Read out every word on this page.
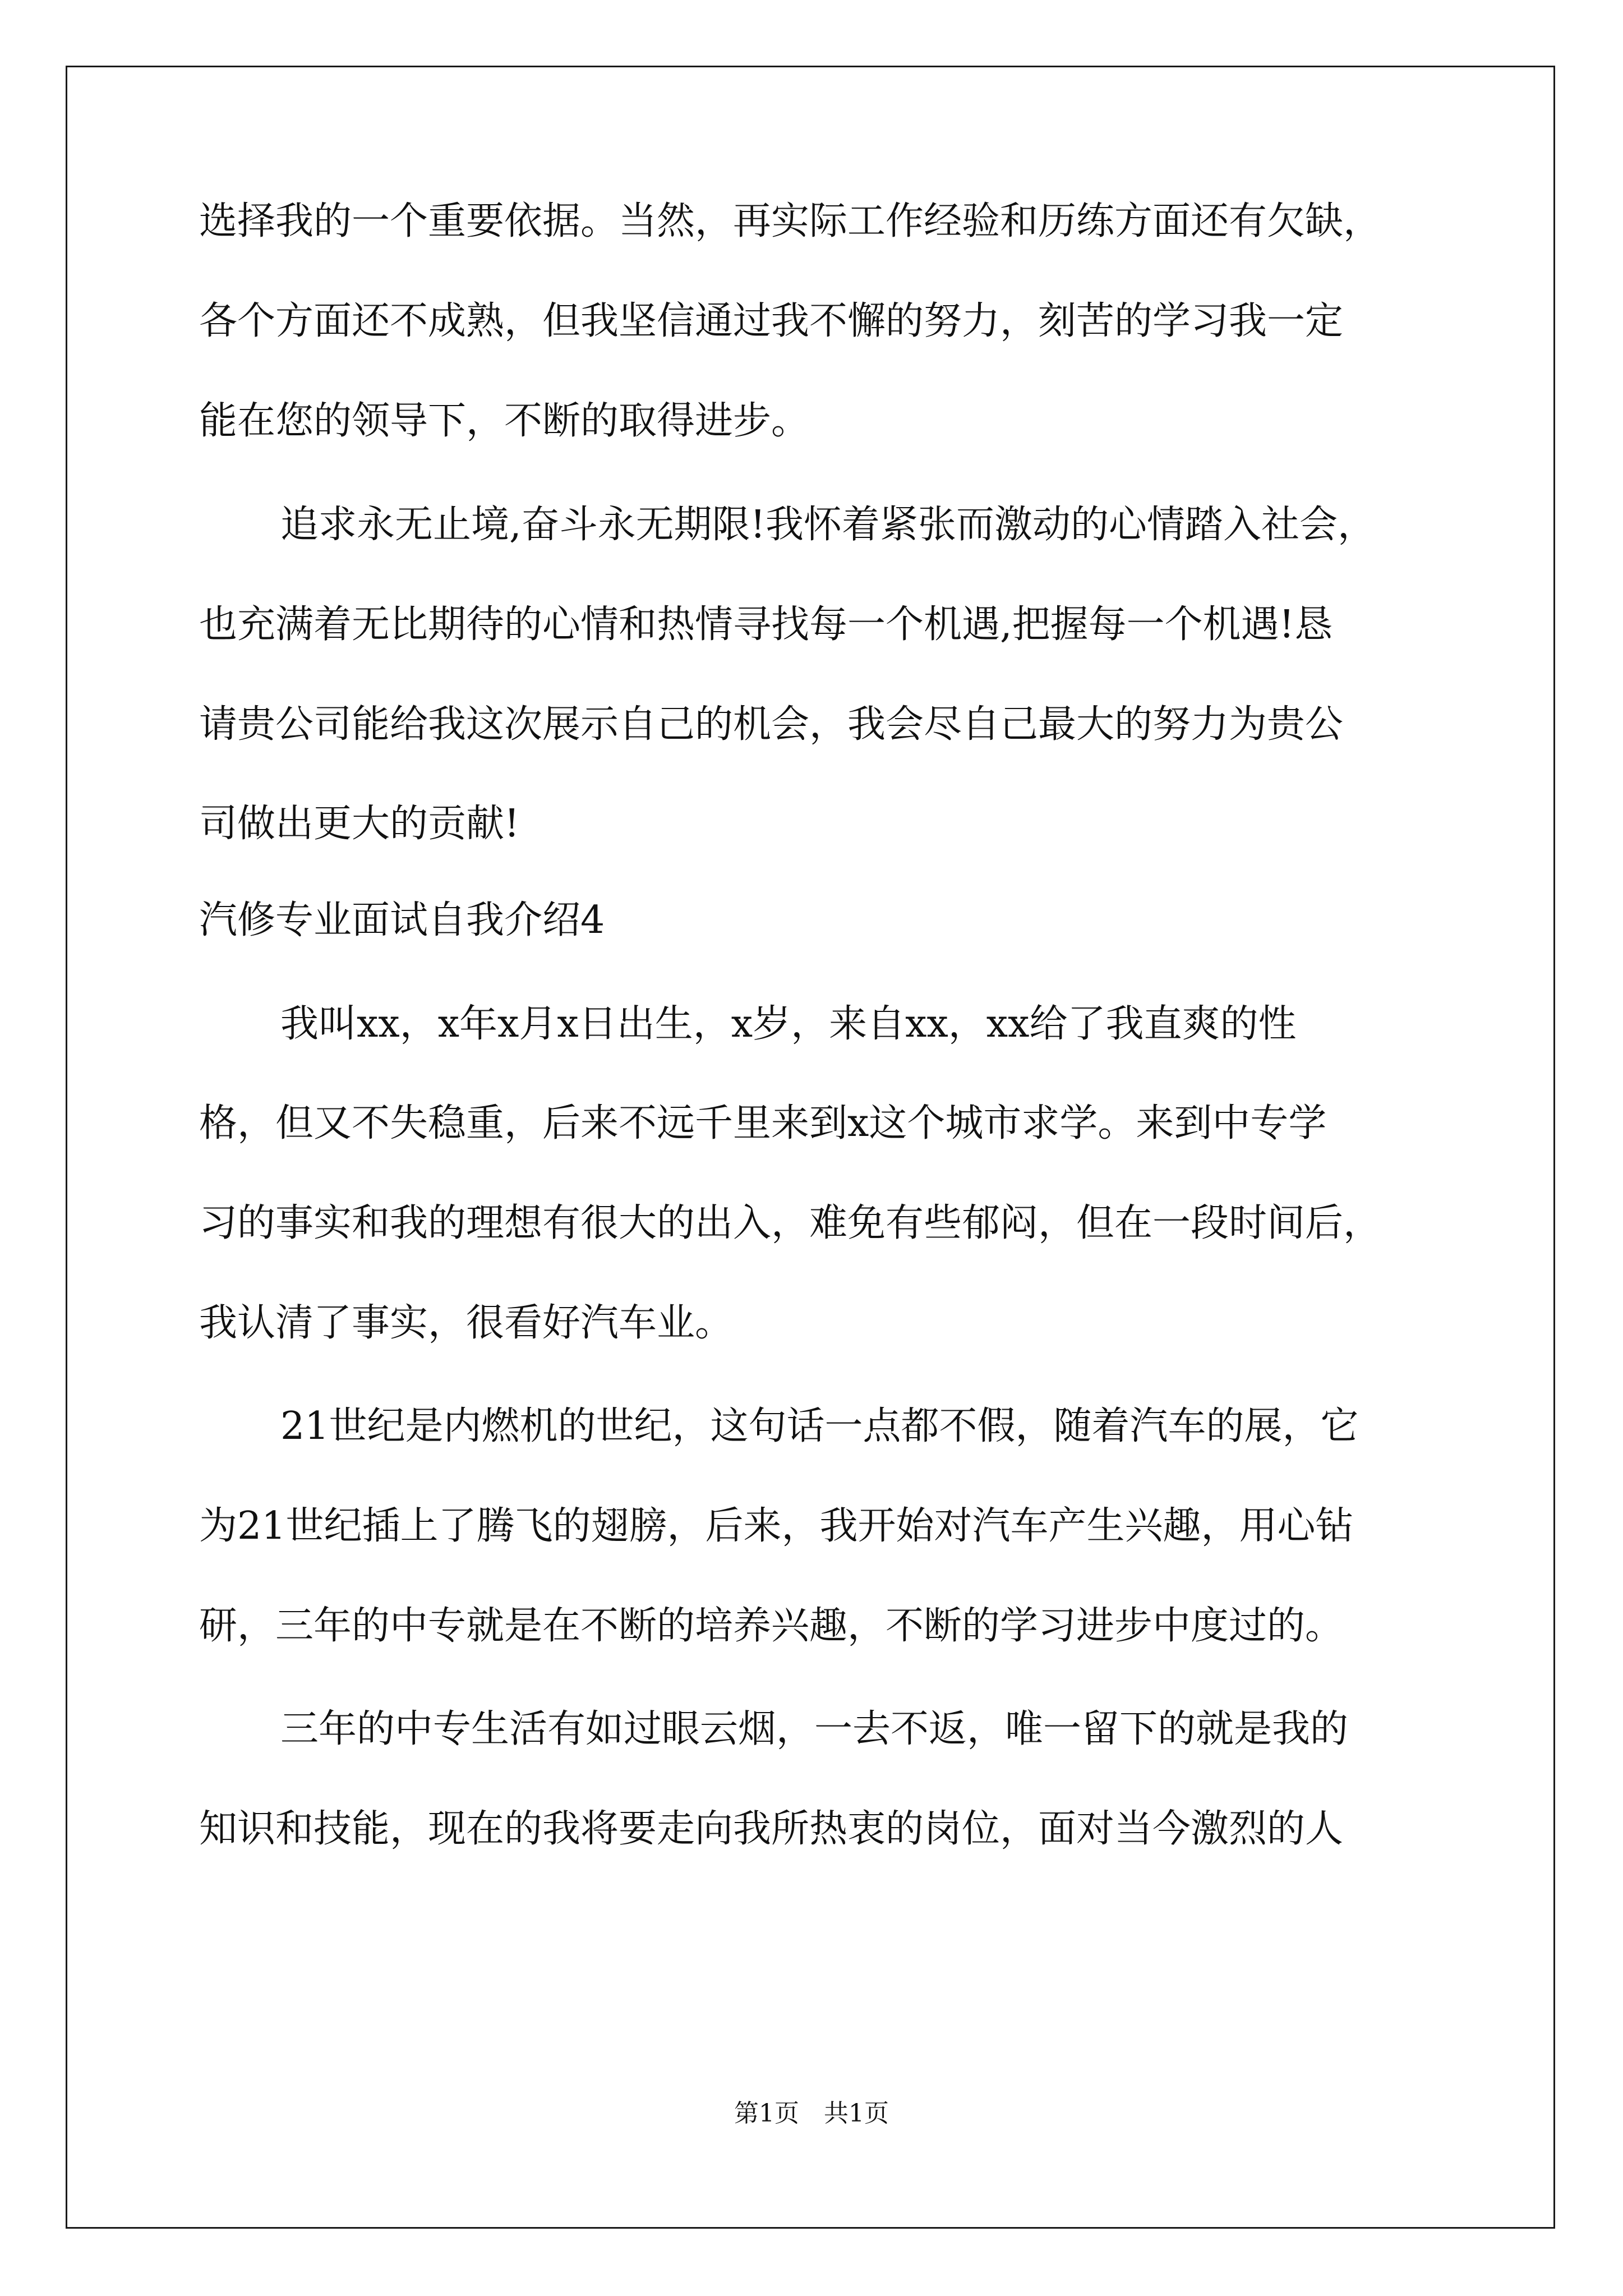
选择我的一个重要依据。当然，再实际工作经验和历练方面还有欠缺，
各个方面还不成熟，但我坚信通过我不懈的努力，刻苦的学习我一定
能在您的领导下，不断的取得进步。
追求永无止境,奋斗永无期限!我怀着紧张而激动的心情踏入社会，
也充满着无比期待的心情和热情寻找每一个机遇,把握每一个机遇!恳
请贵公司能给我这次展示自己的机会，我会尽自己最大的努力为贵公
司做出更大的贡献!
汽修专业面试自我介绍4
我叫xx，x年x月x日出生，x岁，来自xx，xx给了我直爽的性
格，但又不失稳重，后来不远千里来到x这个城市求学。来到中专学
习的事实和我的理想有很大的出入，难免有些郁闷，但在一段时间后，
我认清了事实，很看好汽车业。
21世纪是内燃机的世纪，这句话一点都不假，随着汽车的展，它
为21世纪插上了腾飞的翅膀，后来，我开始对汽车产生兴趣，用心钻
研，三年的中专就是在不断的培养兴趣，不断的学习进步中度过的。
三年的中专生活有如过眼云烟，一去不返，唯一留下的就是我的
知识和技能，现在的我将要走向我所热衷的岗位，面对当今激烈的人
第1页　共1页
